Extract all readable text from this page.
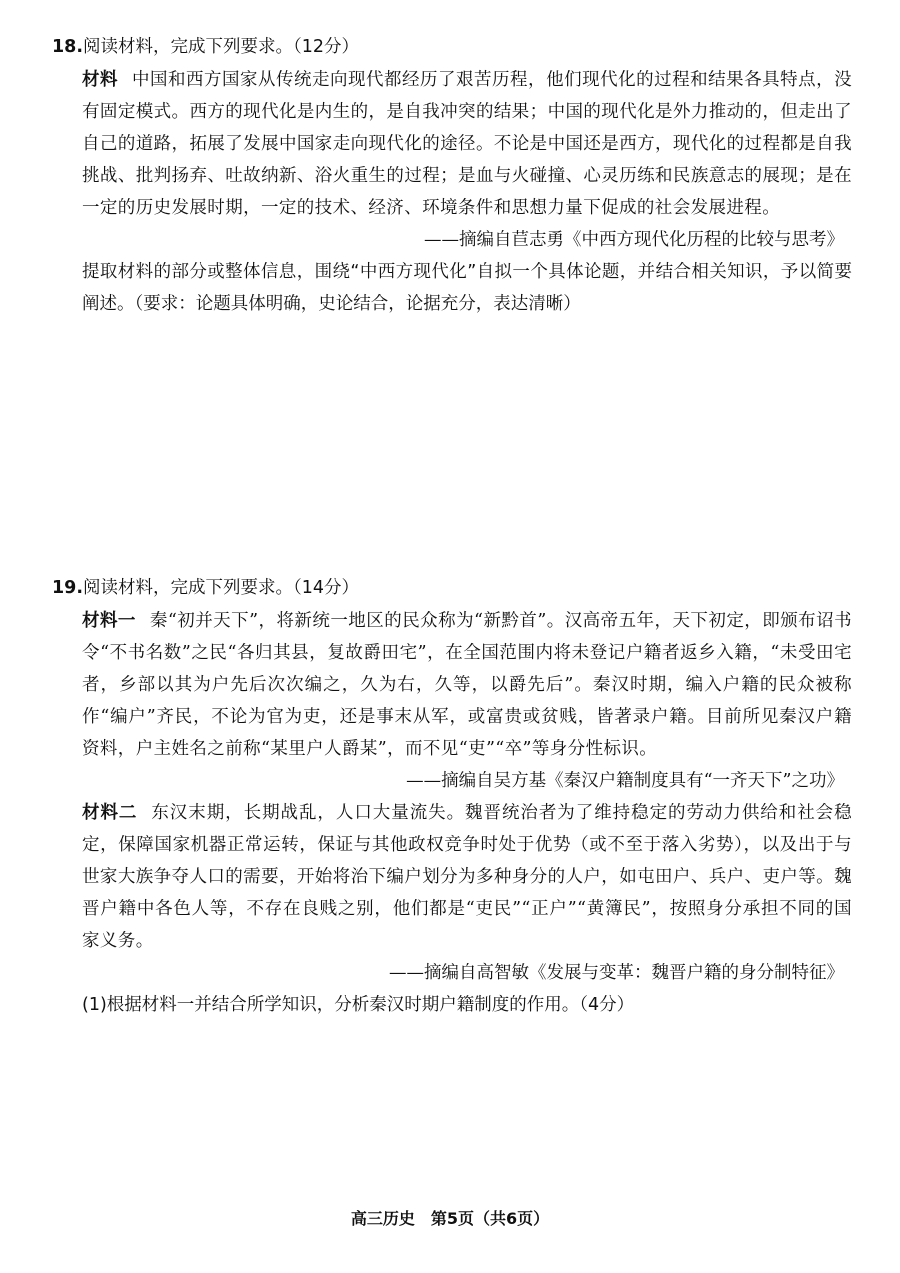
18.阅读材料，完成下列要求。（12分）

材料 中国和西方国家从传统走向现代都经历了艰苦历程，他们现代化的过程和结果各具特点，没有固定模式。西方的现代化是内生的，是自我冲突的结果；中国的现代化是外力推动的，但走出了自己的道路，拓展了发展中国家走向现代化的途径。不论是中国还是西方，现代化的过程都是自我挑战、批判扬弃、吐故纳新、浴火重生的过程；是血与火碰撞、心灵历练和民族意志的展现；是在一定的历史发展时期，一定的技术、经济、环境条件和思想力量下促成的社会发展进程。

——摘编自苣志勇《中西方现代化历程的比较与思考》

提取材料的部分或整体信息，围绕“中西方现代化”自拟一个具体论题，并结合相关知识，予以简要阐述。（要求：论题具体明确，史论结合，论据充分，表达清晰）

19.阅读材料，完成下列要求。（14分）

材料一 秦“初并天下”，将新统一地区的民众称为“新黔首”。汉高帝五年，天下初定，即颁布诏书令“不书名数”之民“各归其县，复故爵田宅”，在全国范围内将未登记户籍者返乡入籍，“未受田宅者，乡部以其为户先后次次编之，久为右，久等，以爵先后”。秦汉时期，编入户籍的民众被称作“编户”齐民，不论为官为吏，还是事末从军，或富贵或贫贱，皆著录户籍。目前所见秦汉户籍资料，户主姓名之前称“某里户人爵某”，而不见“吏”“卒”等身分性标识。

——摘编自吴方基《秦汉户籍制度具有“一齐天下”之功》

材料二 东汉末期，长期战乱，人口大量流失。魏晋统治者为了维持稳定的劳动力供给和社会稳定，保障国家机器正常运转，保证与其他政权竞争时处于优势（或不至于落入劣势），以及出于与世家大族争夺人口的需要，开始将治下编户划分为多种身分的人户，如屯田户、兵户、吏户等。魏晋户籍中各色人等，不存在良贱之别，他们都是“吏民”“正户”“黄簿民”，按照身分承担不同的国家义务。

——摘编自高智敏《发展与变革：魏晋户籍的身分制特征》

(1)根据材料一并结合所学知识，分析秦汉时期户籍制度的作用。（4分）

高三历史　第5页（共6页）
